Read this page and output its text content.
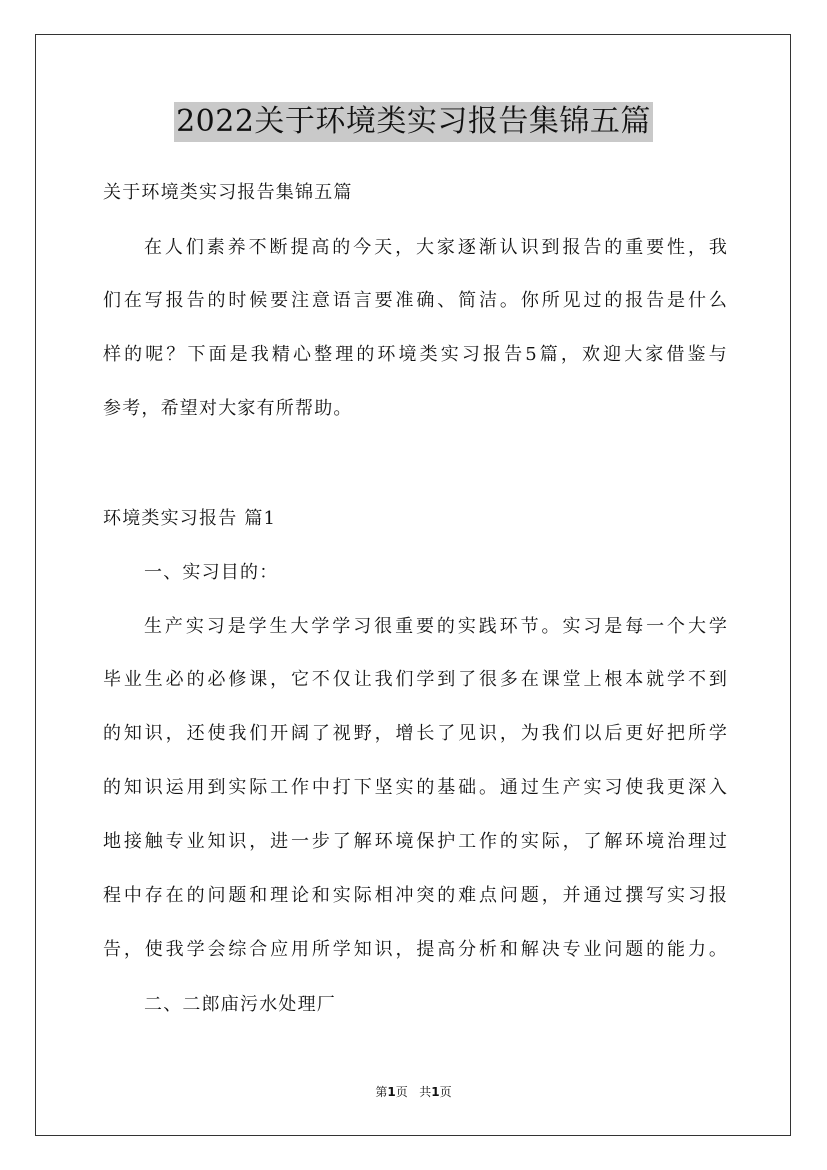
2022关于环境类实习报告集锦五篇
关于环境类实习报告集锦五篇
在 人 们 素 养 不 断 提 高 的 今 天 ， 大 家 逐 渐 认 识 到 报 告 的 重 要 性 ， 我
们 在 写 报 告 的 时 候 要 注 意 语 言 要 准 确 、 简 洁 。 你 所 见 过 的 报 告 是 什 么
样 的 呢 ？ 下 面 是 我 精 心 整 理 的 环 境 类 实 习 报 告 5 篇 ， 欢 迎 大 家 借 鉴 与
参考，希望对大家有所帮助。
环境类实习报告 篇1
一、实习目的：
生 产 实 习 是 学 生 大 学 学 习 很 重 要 的 实 践 环 节 。 实 习 是 每 一 个 大 学
毕 业 生 必 的 必 修 课 ， 它 不 仅 让 我 们 学 到 了 很 多 在 课 堂 上 根 本 就 学 不 到
的 知 识 ， 还 使 我 们 开 阔 了 视 野 ， 增 长 了 见 识 ， 为 我 们 以 后 更 好 把 所 学
的 知 识 运 用 到 实 际 工 作 中 打 下 坚 实 的 基 础 。 通 过 生 产 实 习 使 我 更 深 入
地 接 触 专 业 知 识 ， 进 一 步 了 解 环 境 保 护 工 作 的 实 际 ， 了 解 环 境 治 理 过
程 中 存 在 的 问 题 和 理 论 和 实 际 相 冲 突 的 难 点 问 题 ， 并 通 过 撰 写 实 习 报
告 ， 使 我 学 会 综 合 应 用 所 学 知 识 ， 提 高 分 析 和 解 决 专 业 问 题 的 能 力 。
二、二郎庙污水处理厂
第1页 共1页
